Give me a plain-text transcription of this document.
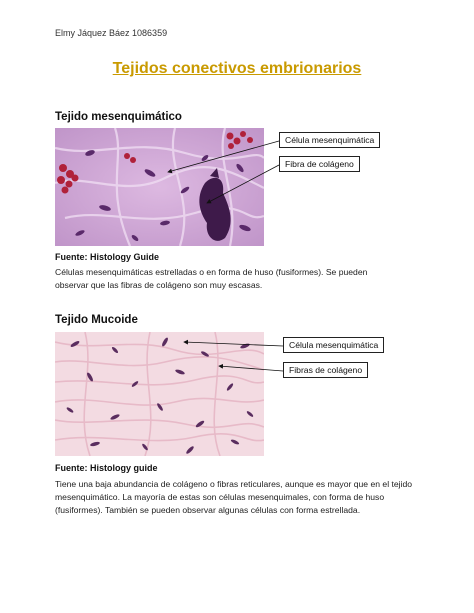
Elmy Jáquez Báez 1086359
Tejidos conectivos embrionarios
Tejido mesenquimático
Célula mesenquimática
Fibra de colágeno
Fuente: Histology Guide
Células mesenquimáticas estrelladas o en forma de huso (fusiformes). Se pueden observar que las fibras de colágeno son muy escasas.
Tejido Mucoide
Célula mesenquimática
Fibras de colágeno
Fuente: Histology guide
Tiene una baja abundancia de colágeno o fibras reticulares, aunque es mayor que en el tejido mesenquimático. La mayoría de estas son células mesenquimales, con forma de huso (fusiformes). También se pueden observar algunas células con forma estrellada.
